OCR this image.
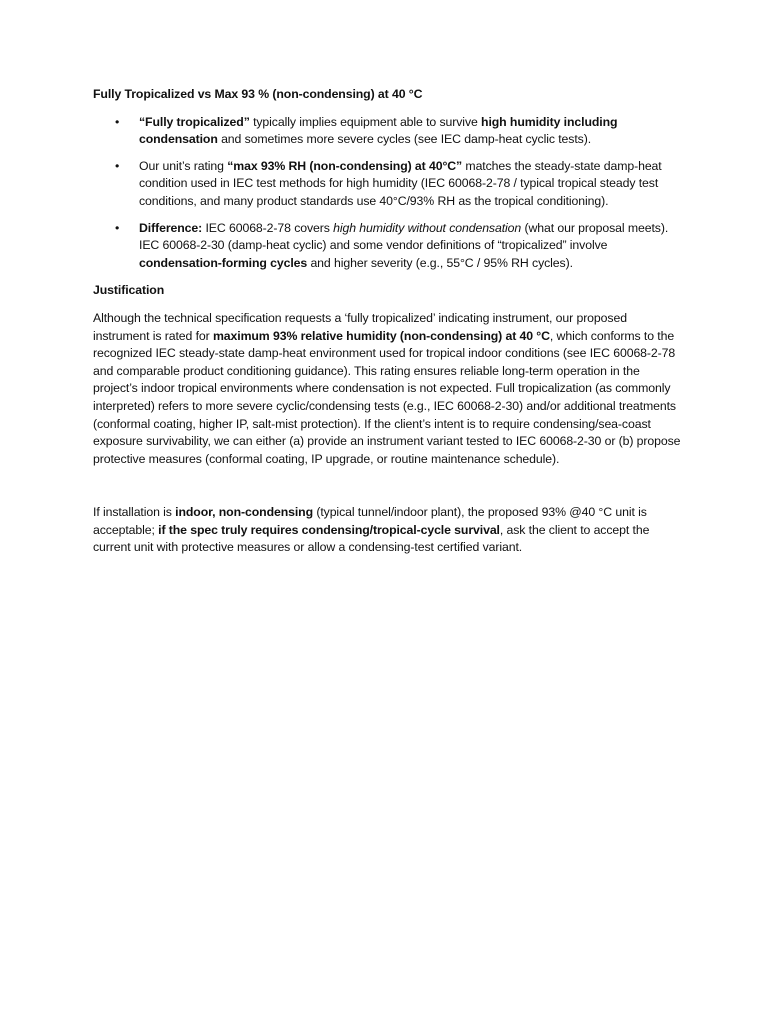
Fully Tropicalized vs Max 93 % (non-condensing) at 40 °C

• “Fully tropicalized” typically implies equipment able to survive high humidity including condensation and sometimes more severe cycles (see IEC damp-heat cyclic tests).
• Our unit’s rating “max 93% RH (non-condensing) at 40°C” matches the steady-state damp-heat condition used in IEC test methods for high humidity (IEC 60068-2-78 / typical tropical steady test conditions, and many product standards use 40°C/93% RH as the tropical conditioning).
• Difference: IEC 60068-2-78 covers high humidity without condensation (what our proposal meets). IEC 60068-2-30 (damp-heat cyclic) and some vendor definitions of “tropicalized” involve condensation-forming cycles and higher severity (e.g., 55°C / 95% RH cycles).

Justification

Although the technical specification requests a ‘fully tropicalized’ indicating instrument, our proposed instrument is rated for maximum 93% relative humidity (non-condensing) at 40 °C, which conforms to the recognized IEC steady-state damp-heat environment used for tropical indoor conditions (see IEC 60068-2-78 and comparable product conditioning guidance). This rating ensures reliable long-term operation in the project’s indoor tropical environments where condensation is not expected. Full tropicalization (as commonly interpreted) refers to more severe cyclic/condensing tests (e.g., IEC 60068-2-30) and/or additional treatments (conformal coating, higher IP, salt-mist protection). If the client’s intent is to require condensing/sea-coast exposure survivability, we can either (a) provide an instrument variant tested to IEC 60068-2-30 or (b) propose protective measures (conformal coating, IP upgrade, or routine maintenance schedule).

If installation is indoor, non-condensing (typical tunnel/indoor plant), the proposed 93% @40 °C unit is acceptable; if the spec truly requires condensing/tropical-cycle survival, ask the client to accept the current unit with protective measures or allow a condensing-test certified variant.
